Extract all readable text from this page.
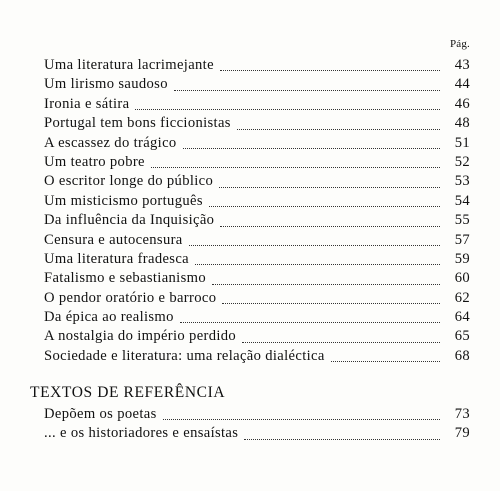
Pág.
Uma literatura lacrimejante	43
Um lirismo saudoso	44
Ironia e sátira	46
Portugal tem bons ficcionistas	48
A escassez do trágico	51
Um teatro pobre	52
O escritor longe do público	53
Um misticismo português	54
Da influência da Inquisição	55
Censura e autocensura	57
Uma literatura fradesca	59
Fatalismo e sebastianismo	60
O pendor oratório e barroco	62
Da épica ao realismo	64
A nostalgia do império perdido	65
Sociedade e literatura: uma relação dialéctica	68
TEXTOS DE REFERÊNCIA
Depõem os poetas	73
... e os historiadores e ensaístas	79
